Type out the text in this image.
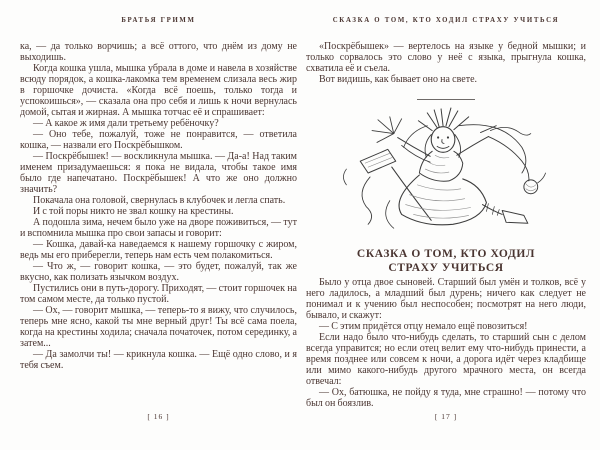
БРАТЬЯ ГРИММ

ка, — да только ворчишь; а всё оттого, что днём из дому не выходишь.

Когда кошка ушла, мышка убрала в доме и навела в хозяйстве всюду порядок, а кошка-лакомка тем временем слизала весь жир в горшочке дочиста. «Когда всё поешь, только тогда и успокоишься», — сказала она про себя и лишь к ночи вернулась домой, сытая и жирная. А мышка тотчас её и спрашивает:

— А какое ж имя дали третьему ребёночку?

— Оно тебе, пожалуй, тоже не понравится, — ответила кошка, — назвали его Поскрёбышком.

— Поскрёбышек! — воскликнула мышка. — Да-а! Над таким именем призадумаешься: я пока не видала, чтобы такое имя было где напечатано. Поскрёбышек! А что же оно должно значить?

Покачала она головой, свернулась в клубочек и легла спать.

И с той поры никто не звал кошку на крестины.

А подошла зима, нечем было уже на дворе поживиться, — тут и вспомнила мышка про свои запасы и говорит:

— Кошка, давай-ка наведаемся к нашему горшочку с жиром, ведь мы его приберегли, теперь нам есть чем полакомиться.

— Что ж, — говорит кошка, — это будет, пожалуй, так же вкусно, как полизать язычком воздух.

Пустились они в путь-дорогу. Приходят, — стоит горшочек на том самом месте, да только пустой.

— Ох, — говорит мышка, — теперь-то я вижу, что случилось, теперь мне ясно, какой ты мне верный друг! Ты всё сама поела, когда на крестины ходила; сначала початочек, потом серединку, а затем...

— Да замолчи ты! — крикнула кошка. — Ещё одно слово, и я тебя съем.

[ 16 ]
СКАЗКА О ТОМ, КТО ХОДИЛ СТРАХУ УЧИТЬСЯ

«Поскрёбышек» — вертелось на языке у бедной мышки; и только сорвалось это слово у неё с языка, прыгнула кошка, схватила её и съела.

Вот видишь, как бывает оно на свете.

СКАЗКА О ТОМ, КТО ХОДИЛ
СТРАХУ УЧИТЬСЯ

Было у отца двое сыновей. Старший был умён и толков, всё у него ладилось, а младший был дурень; ничего как следует не понимал и к учению был неспособен; посмотрят на него люди, бывало, и скажут:

— С этим придётся отцу немало ещё повозиться!

Если надо было что-нибудь сделать, то старший сын с делом всегда управится; но если отец велит ему что-нибудь принести, а время позднее или совсем к ночи, а дорога идёт через кладбище или мимо какого-нибудь другого мрачного места, он всегда отвечал:

— Ох, батюшка, не пойду я туда, мне страшно! — потому что был он боязлив.

[ 17 ]
